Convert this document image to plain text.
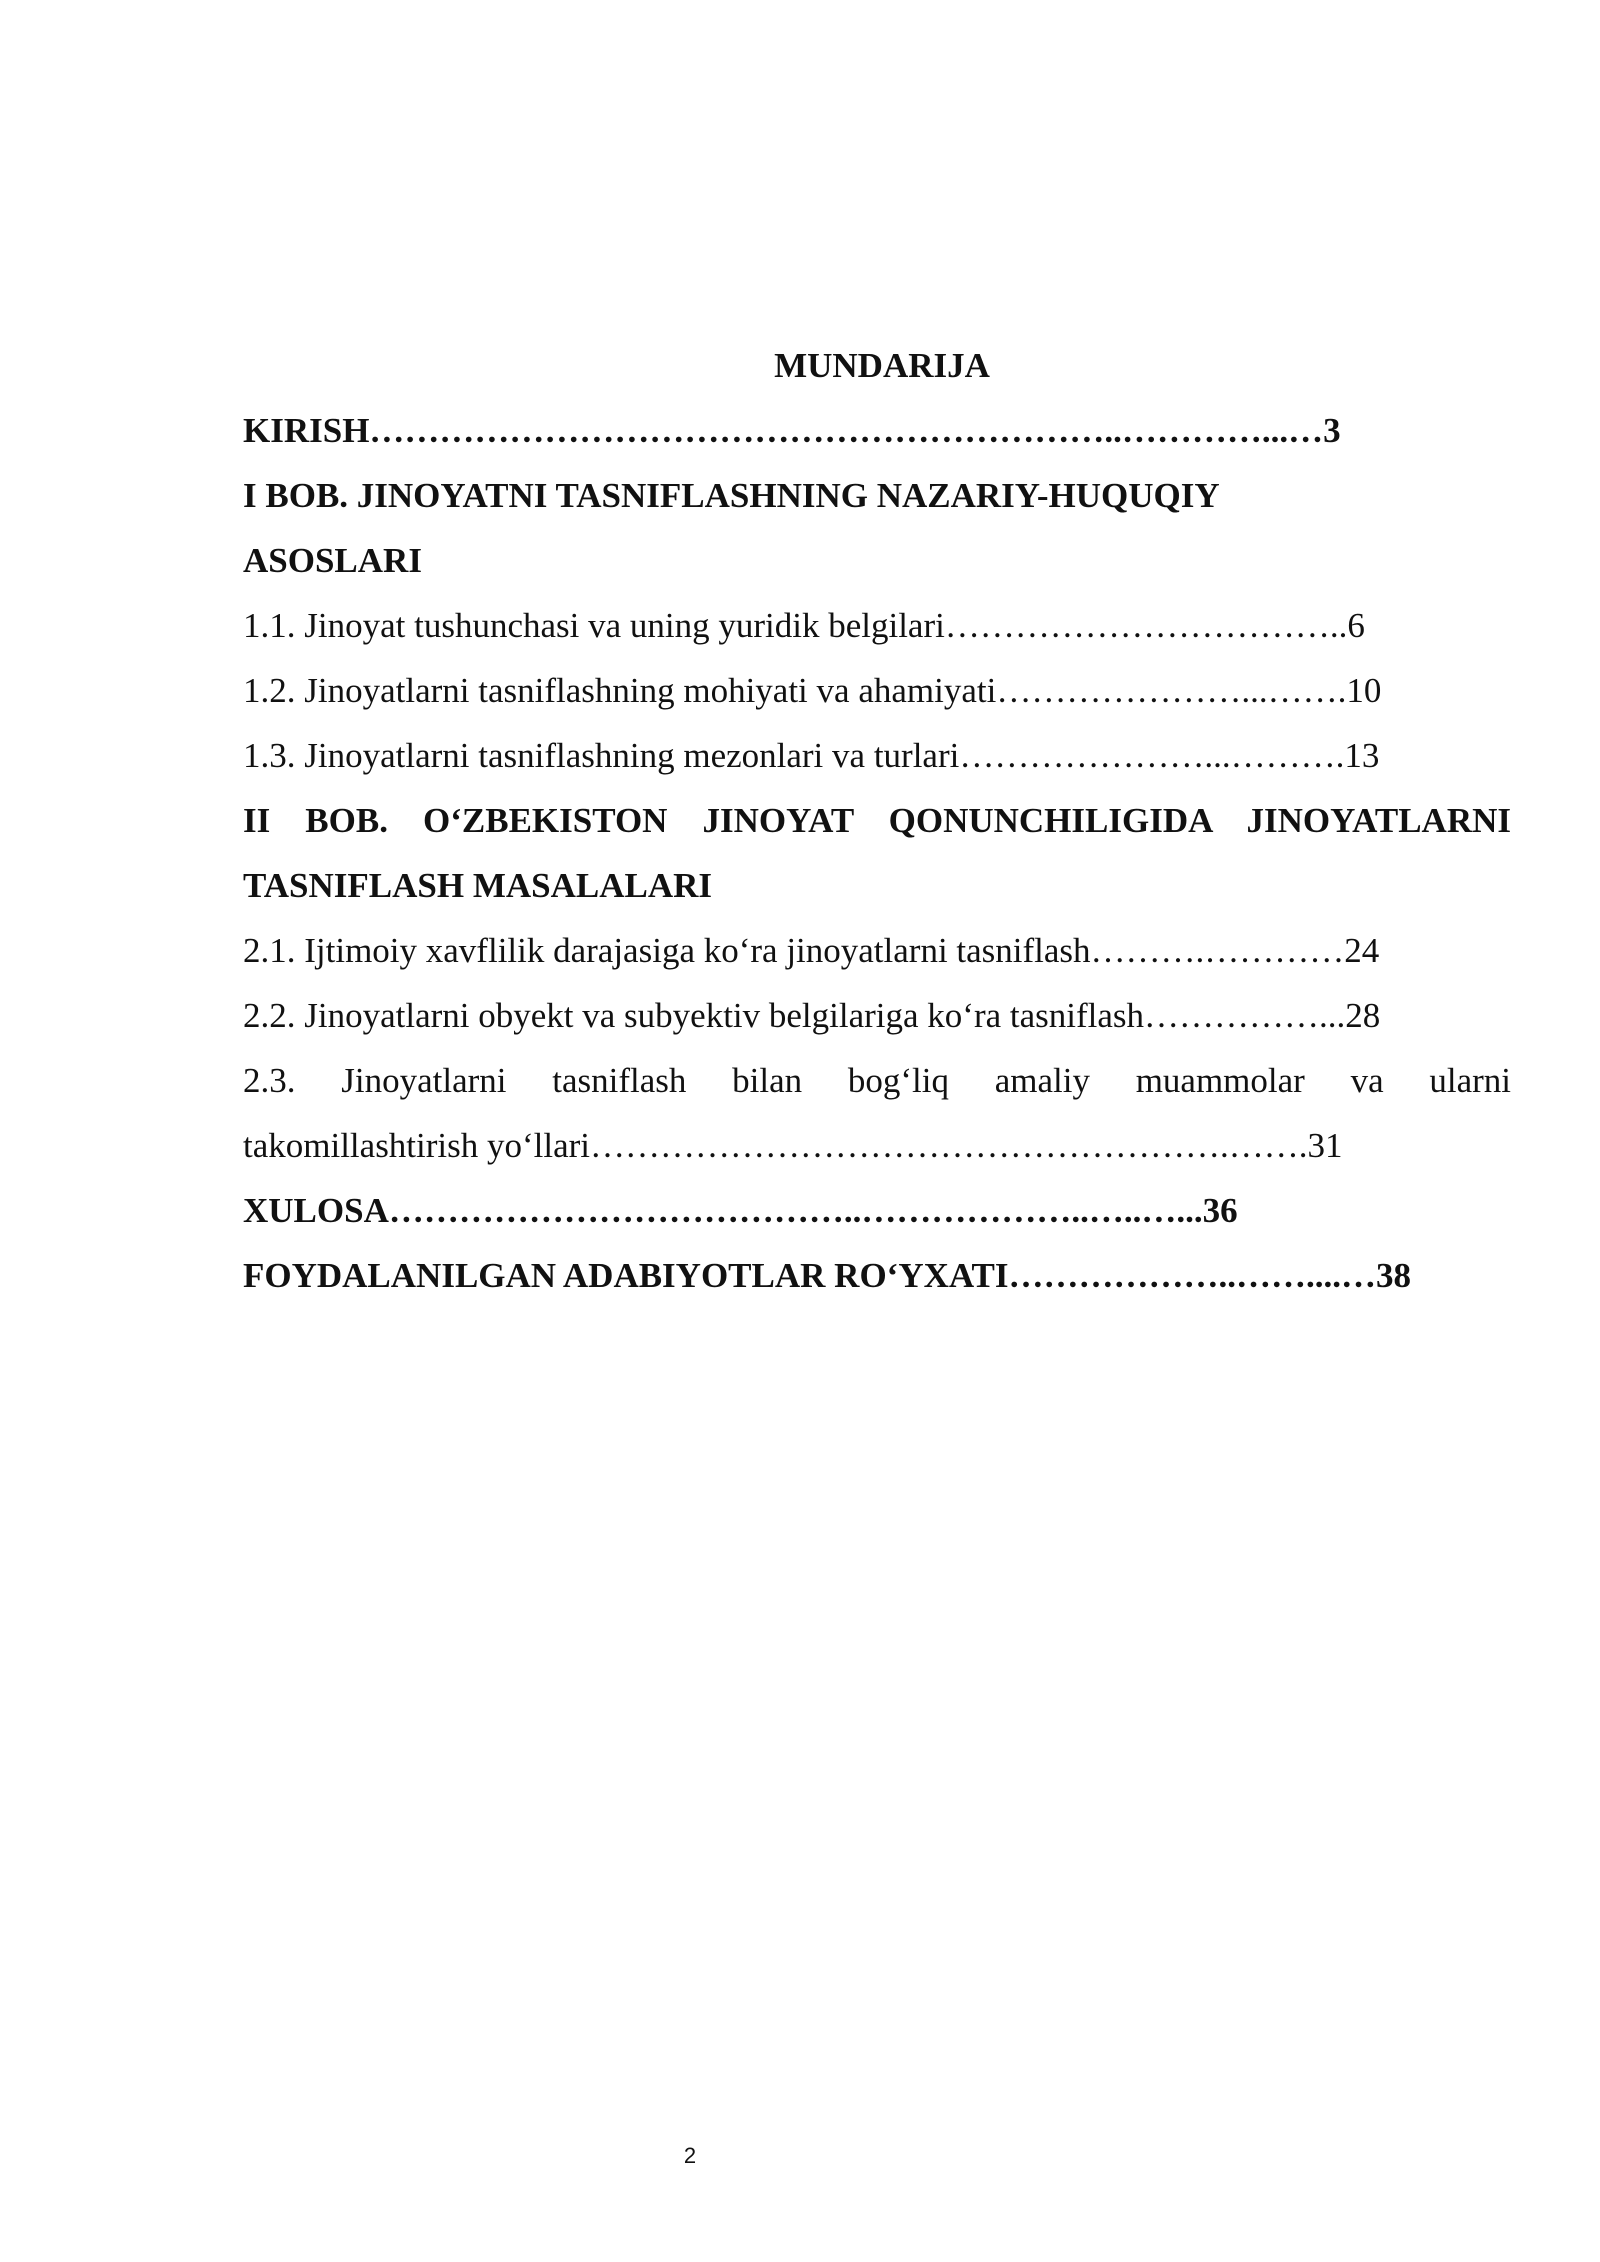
MUNDARIJA
KIRISH………………………………………………………..…………...…3
I BOB. JINOYATNI TASNIFLASHNING NAZARIY-HUQUQIY
ASOSLARI
1.1. Jinoyat tushunchasi va uning yuridik belgilari……………………………..6
1.2. Jinoyatlarni tasniflashning mohiyati va ahamiyati…………………...…….10
1.3. Jinoyatlarni tasniflashning mezonlari va turlari…………………...……….13
II BOB. O‘ZBEKISTON JINOYAT QONUNCHILIGIDA JINOYATLARNI
TASNIFLASH MASALALARI
2.1. Ijtimoiy xavflilik darajasiga ko‘ra jinoyatlarni tasniflash……….…………24
2.2. Jinoyatlarni obyekt va subyektiv belgilariga ko‘ra tasniflash……………...28
2.3. Jinoyatlarni tasniflash bilan bog‘liq amaliy muammolar va ularni
takomillashtirish yo‘llari……………………………………………….…….31
XULOSA…………………………………..………………..…..…...36
FOYDALANILGAN ADABIYOTLAR RO‘YXATI………………..……....…38
2
